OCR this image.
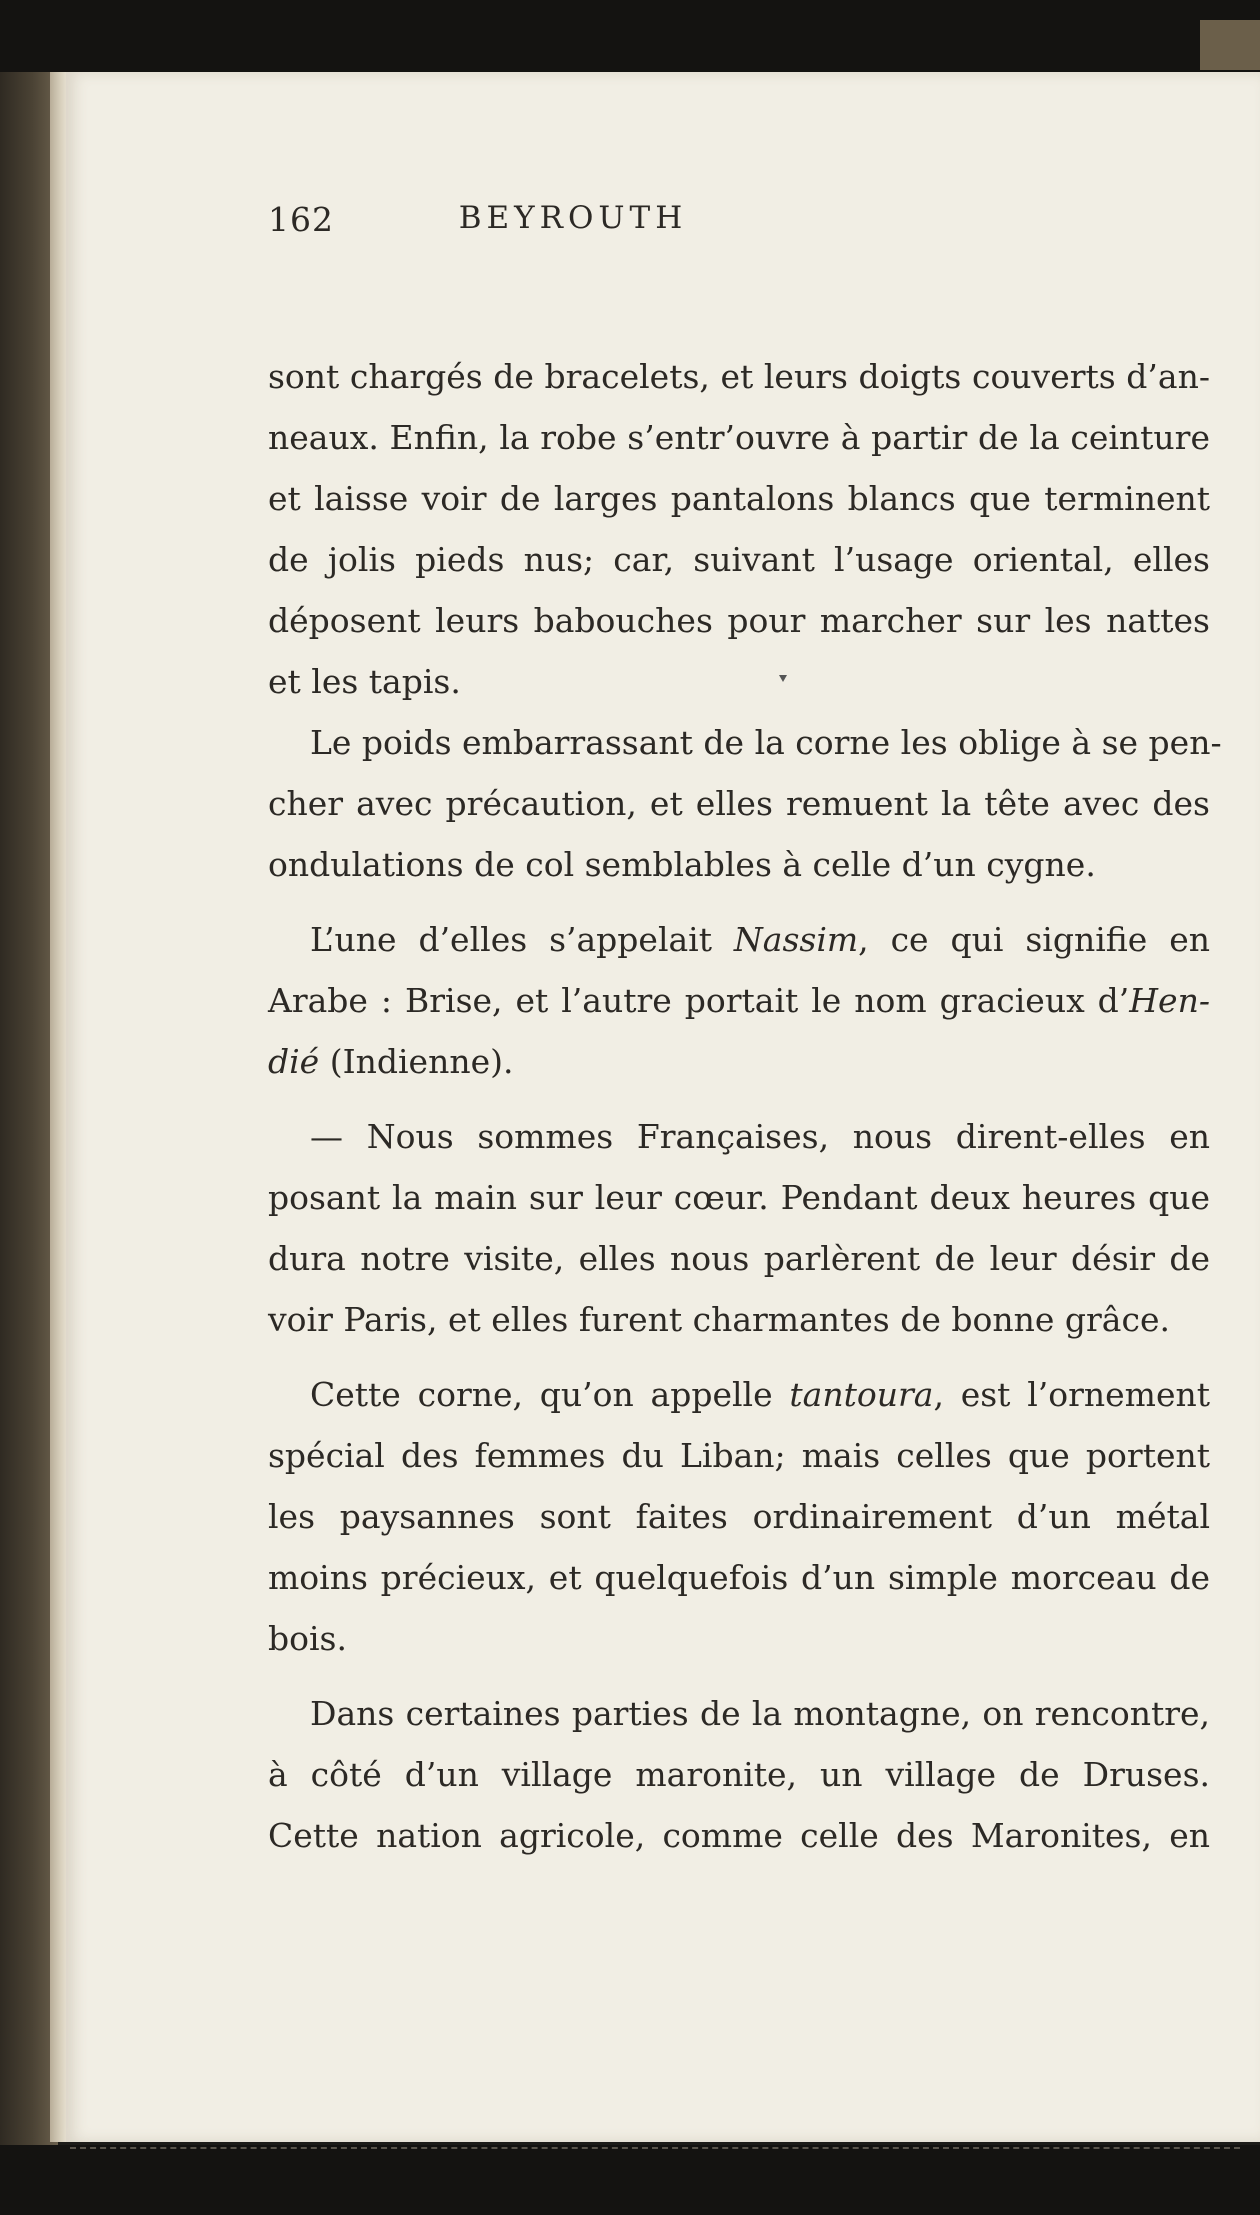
162	BEYROUTH
sont chargés de bracelets, et leurs doigts couverts d’an-
neaux. Enfin, la robe s’entr’ouvre à partir de la ceinture
et laisse voir de larges pantalons blancs que terminent
de jolis pieds nus; car, suivant l’usage oriental, elles
déposent leurs babouches pour marcher sur les nattes
et les tapis.
Le poids embarrassant de la corne les oblige à se pen-
cher avec précaution, et elles remuent la tête avec des
ondulations de col semblables à celle d’un cygne.
L’une d’elles s’appelait Nassim, ce qui signifie en
Arabe : Brise, et l’autre portait le nom gracieux d’Hen-
dié (Indienne).
— Nous sommes Françaises, nous dirent-elles en
posant la main sur leur cœur. Pendant deux heures que
dura notre visite, elles nous parlèrent de leur désir de
voir Paris, et elles furent charmantes de bonne grâce.
Cette corne, qu’on appelle tantoura, est l’ornement
spécial des femmes du Liban; mais celles que portent
les paysannes sont faites ordinairement d’un métal
moins précieux, et quelquefois d’un simple morceau de
bois.
Dans certaines parties de la montagne, on rencontre,
à côté d’un village maronite, un village de Druses.
Cette nation agricole, comme celle des Maronites, en
